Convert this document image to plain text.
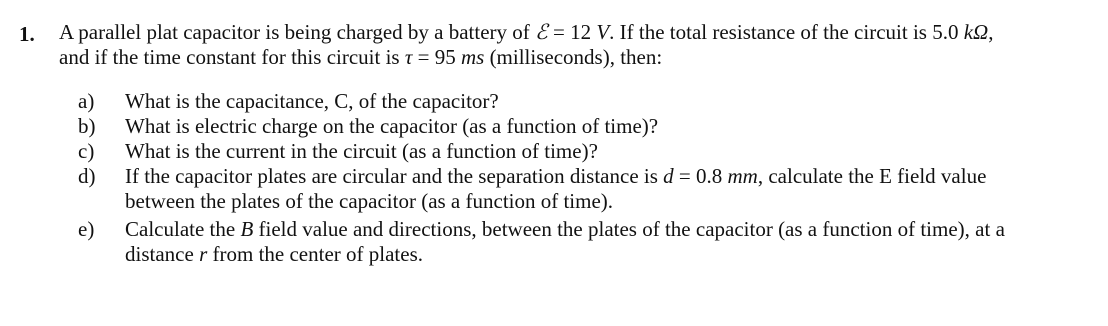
1. A parallel plat capacitor is being charged by a battery of ℰ = 12 V. If the total resistance of the circuit is 5.0 kΩ,
and if the time constant for this circuit is τ = 95 ms (milliseconds), then:
a)	What is the capacitance, C, of the capacitor?
b)	What is electric charge on the capacitor (as a function of time)?
c)	What is the current in the circuit (as a function of time)?
d)	If the capacitor plates are circular and the separation distance is d = 0.8 mm, calculate the E field value
between the plates of the capacitor (as a function of time).
e)	Calculate the B field value and directions, between the plates of the capacitor (as a function of time), at a
distance r from the center of plates.
